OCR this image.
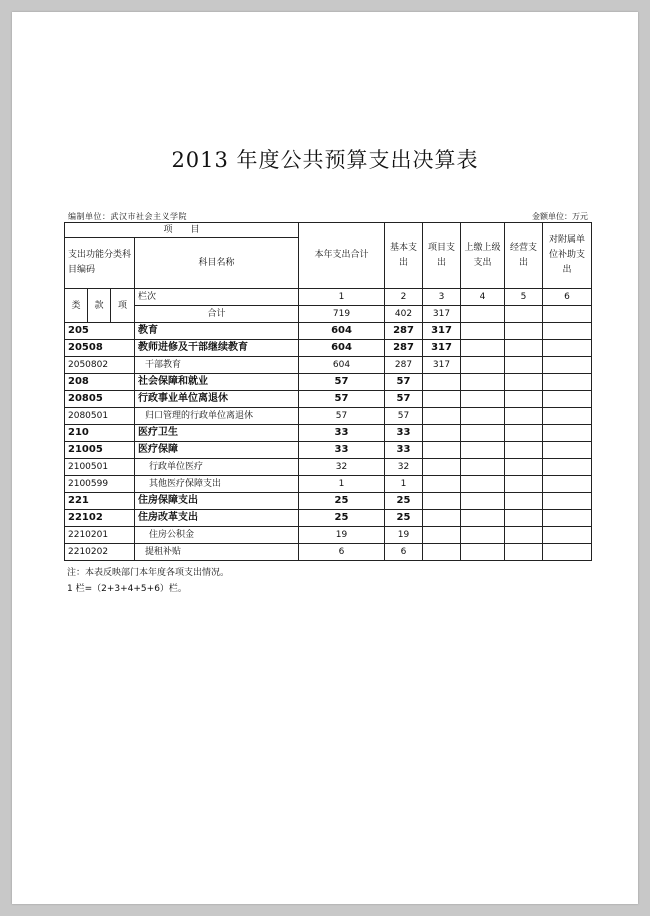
2013 年度公共预算支出决算表
编制单位：武汉市社会主义学院	金额单位：万元
项　　目				本年支出合计	基本支出	项目支出	上缴上级支出	经营支出	对附属单位补助支出
支出功能分类科目编码			科目名称						

类	款	项	栏次	1	2	3	4	5	6
			合计	719	402	317			
205			教育	604	287	317			
20508			教师进修及干部继续教育	604	287	317			
2050802			干部教育	604	287	317			
208			社会保障和就业	57	57				
20805			行政事业单位离退休	57	57				
2080501			归口管理的行政单位离退休	57	57				
210			医疗卫生	33	33				
21005			医疗保障	33	33				
2100501			行政单位医疗	32	32				
2100599			其他医疗保障支出	1	1				
221			住房保障支出	25	25				
22102			住房改革支出	25	25				
2210201			住房公积金	19	19				
2210202			提租补贴	6	6				
注：本表反映部门本年度各项支出情况。
1 栏=（2+3+4+5+6）栏。
